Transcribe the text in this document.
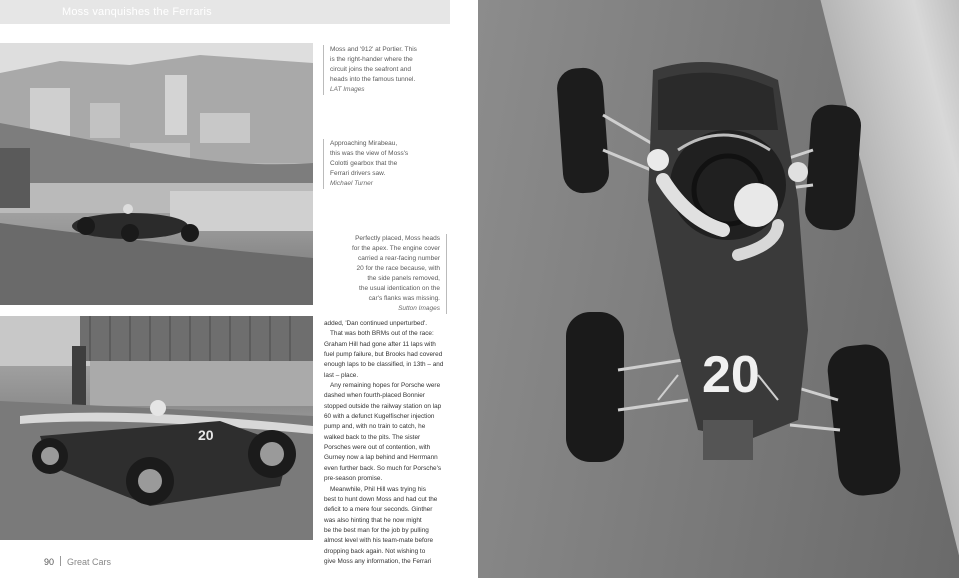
Moss vanquishes the Ferraris
Moss and '912' at Portier. This
is the right-hander where the
circuit joins the seafront and
heads into the famous tunnel.
LAT Images
Approaching Mirabeau,
this was the view of Moss's
Colotti gearbox that the
Ferrari drivers saw.
Michael Turner
Perfectly placed, Moss heads
for the apex. The engine cover
carried a rear-facing number
20 for the race because, with
the side panels removed,
the usual identication on the
car's flanks was missing.
Sutton Images
20

added, 'Dan continued unperturbed'.

That was both BRMs out of the race:

Graham Hill had gone after 11 laps with

fuel pump failure, but Brooks had covered

enough laps to be classified, in 13th – and

last – place.

Any remaining hopes for Porsche were

dashed when fourth-placed Bonnier

stopped outside the railway station on lap

60 with a defunct Kugelfischer injection

pump and, with no train to catch, he

walked back to the pits. The sister

Porsches were out of contention, with

Gurney now a lap behind and Herrmann

even further back. So much for Porsche's

pre-season promise.

Meanwhile, Phil Hill was trying his

best to hunt down Moss and had cut the

deficit to a mere four seconds. Ginther

was also hinting that he now might

be the best man for the job by pulling

almost level with his team-mate before

dropping back again. Not wishing to

give Moss any information, the Ferrari

90 Great Cars
20
